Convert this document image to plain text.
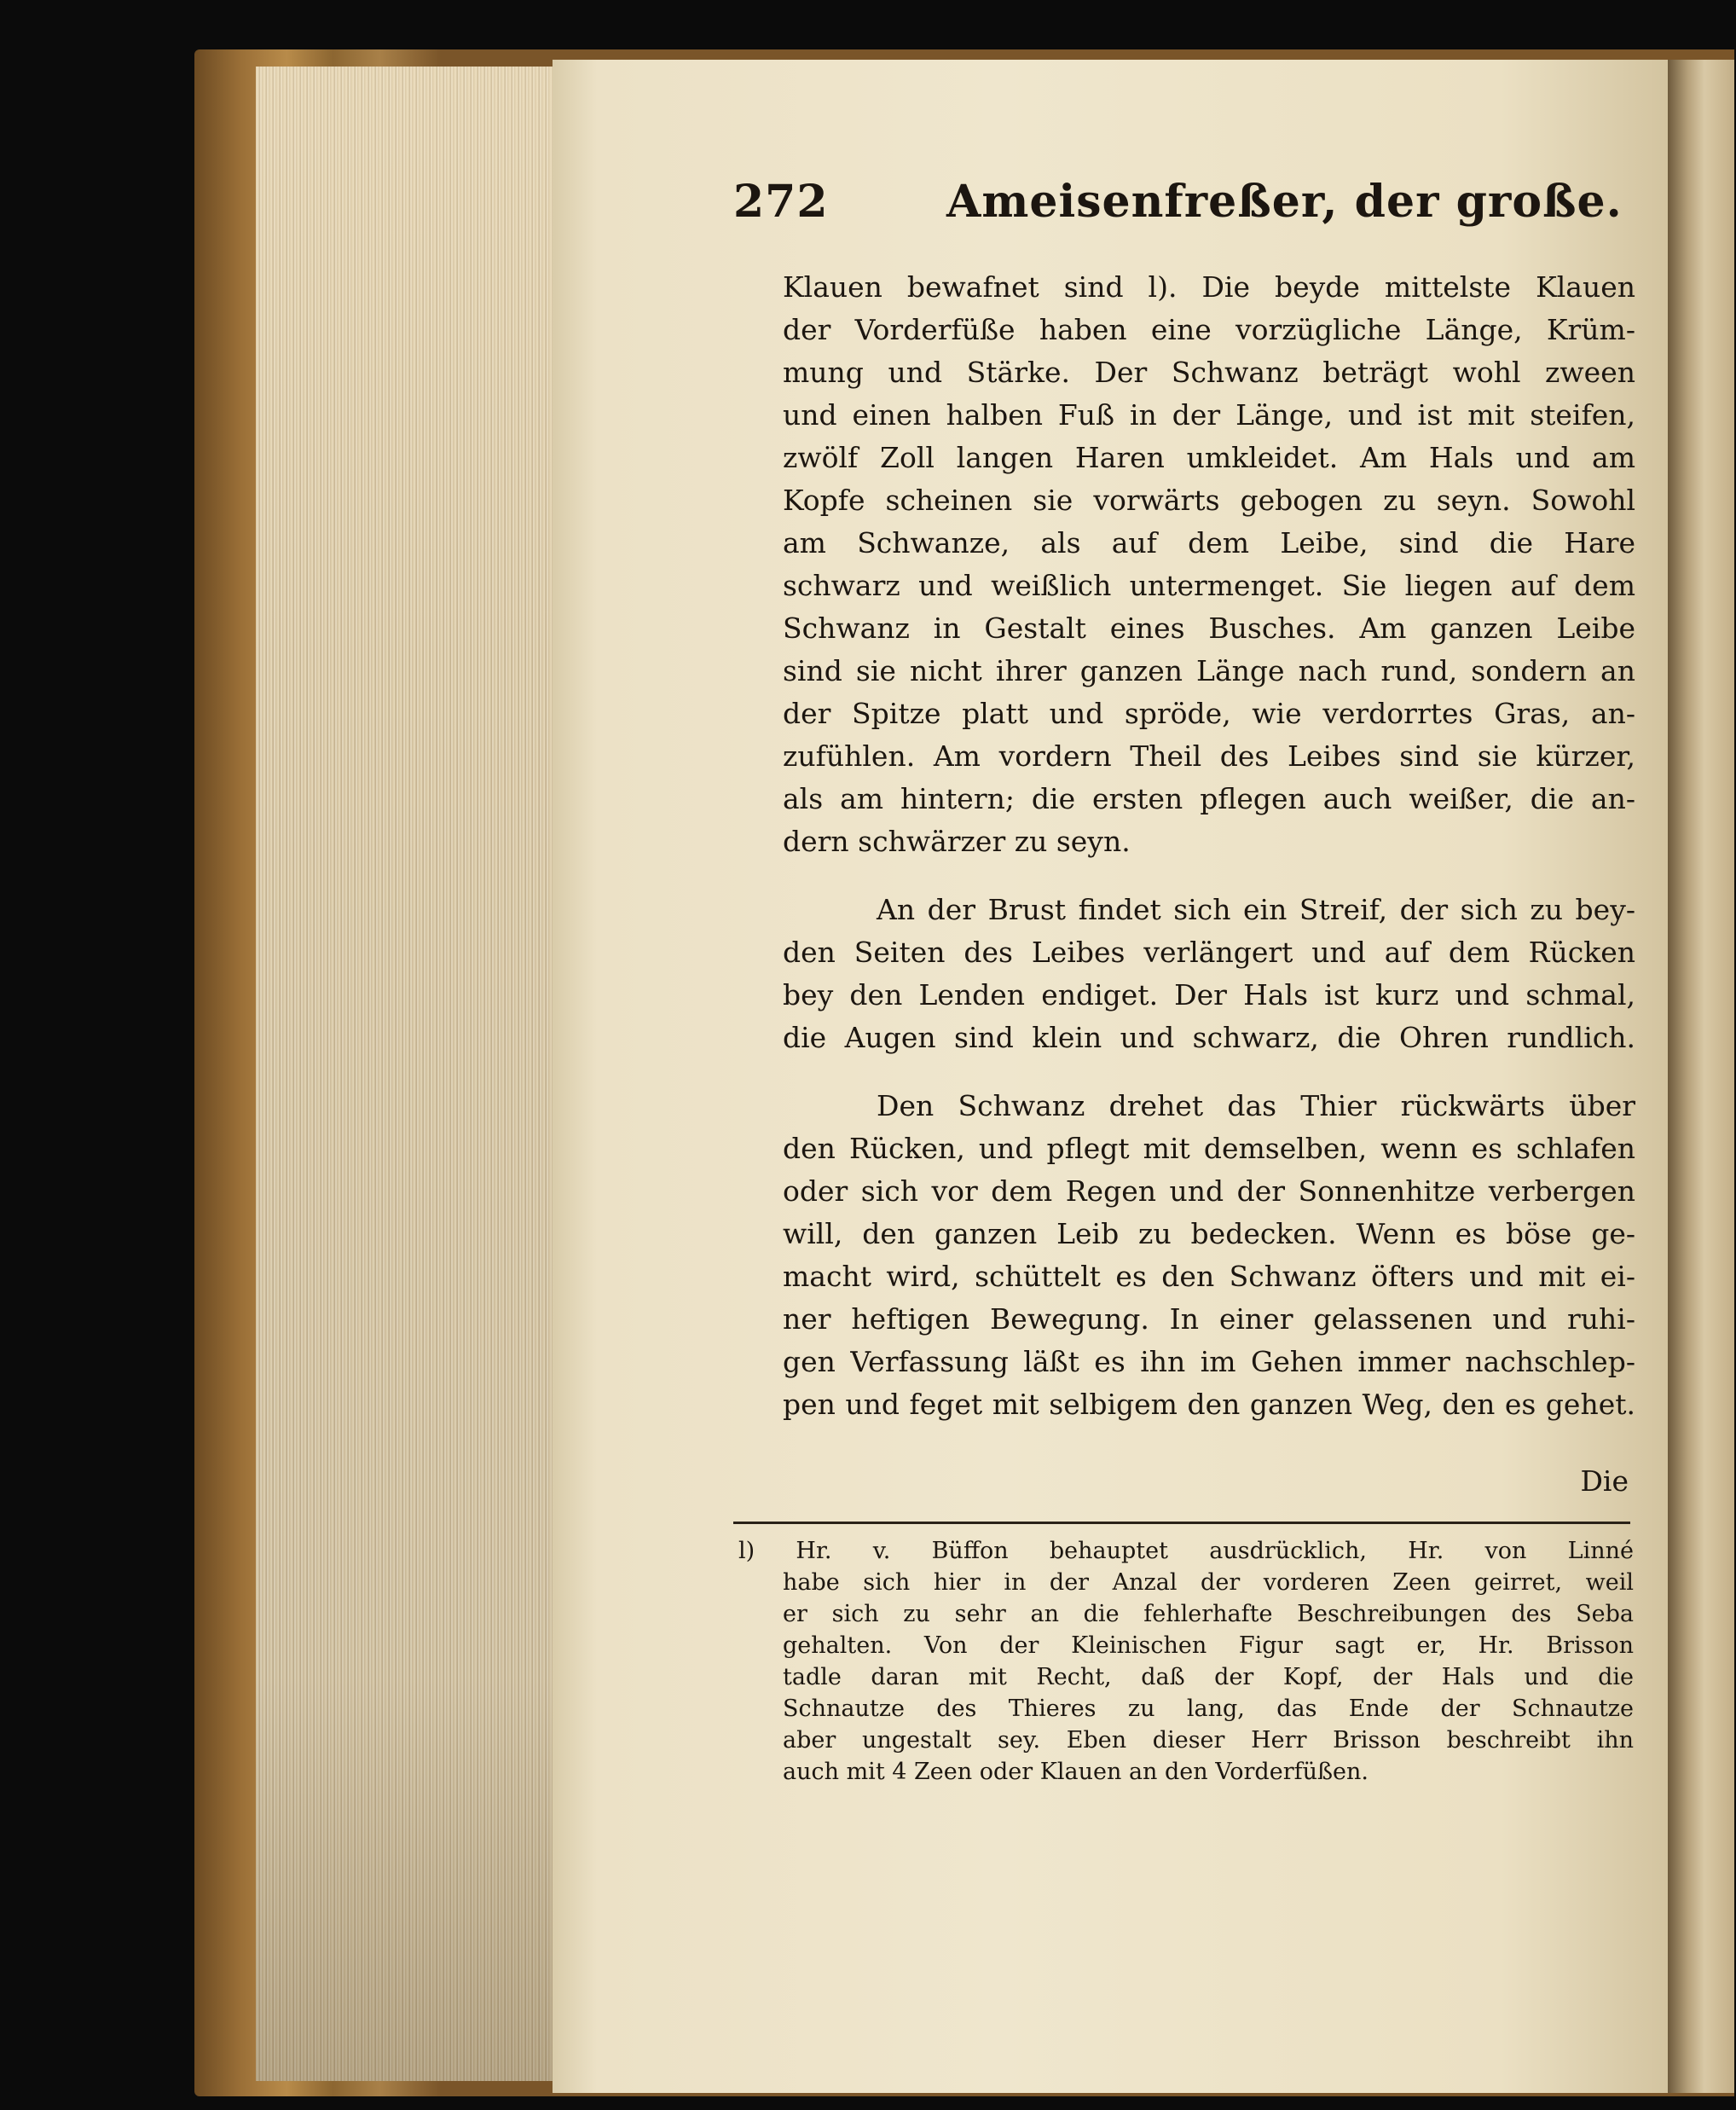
272	Ameisenfreßer, der große.
Klauen bewafnet sind l). Die beyde mittelste Klauen
der Vorderfüße haben eine vorzügliche Länge, Krüm-
mung und Stärke. Der Schwanz beträgt wohl zween
und einen halben Fuß in der Länge, und ist mit steifen,
zwölf Zoll langen Haren umkleidet. Am Hals und am
Kopfe scheinen sie vorwärts gebogen zu seyn. Sowohl
am Schwanze, als auf dem Leibe, sind die Hare
schwarz und weißlich untermenget. Sie liegen auf dem
Schwanz in Gestalt eines Busches. Am ganzen Leibe
sind sie nicht ihrer ganzen Länge nach rund, sondern an
der Spitze platt und spröde, wie verdorrtes Gras, an-
zufühlen. Am vordern Theil des Leibes sind sie kürzer,
als am hintern; die ersten pflegen auch weißer, die an-
dern schwärzer zu seyn.
An der Brust findet sich ein Streif, der sich zu bey-
den Seiten des Leibes verlängert und auf dem Rücken
bey den Lenden endiget. Der Hals ist kurz und schmal,
die Augen sind klein und schwarz, die Ohren rundlich.
Den Schwanz drehet das Thier rückwärts über
den Rücken, und pflegt mit demselben, wenn es schlafen
oder sich vor dem Regen und der Sonnenhitze verbergen
will, den ganzen Leib zu bedecken. Wenn es böse ge-
macht wird, schüttelt es den Schwanz öfters und mit ei-
ner heftigen Bewegung. In einer gelassenen und ruhi-
gen Verfassung läßt es ihn im Gehen immer nachschlep-
pen und feget mit selbigem den ganzen Weg, den es gehet.
Die
l) Hr. v. Büffon behauptet ausdrücklich, Hr. von Linné
habe sich hier in der Anzal der vorderen Zeen geirret, weil
er sich zu sehr an die fehlerhafte Beschreibungen des Seba
gehalten. Von der Kleinischen Figur sagt er, Hr. Brisson
tadle daran mit Recht, daß der Kopf, der Hals und die
Schnautze des Thieres zu lang, das Ende der Schnautze
aber ungestalt sey. Eben dieser Herr Brisson beschreibt ihn
auch mit 4 Zeen oder Klauen an den Vorderfüßen.
